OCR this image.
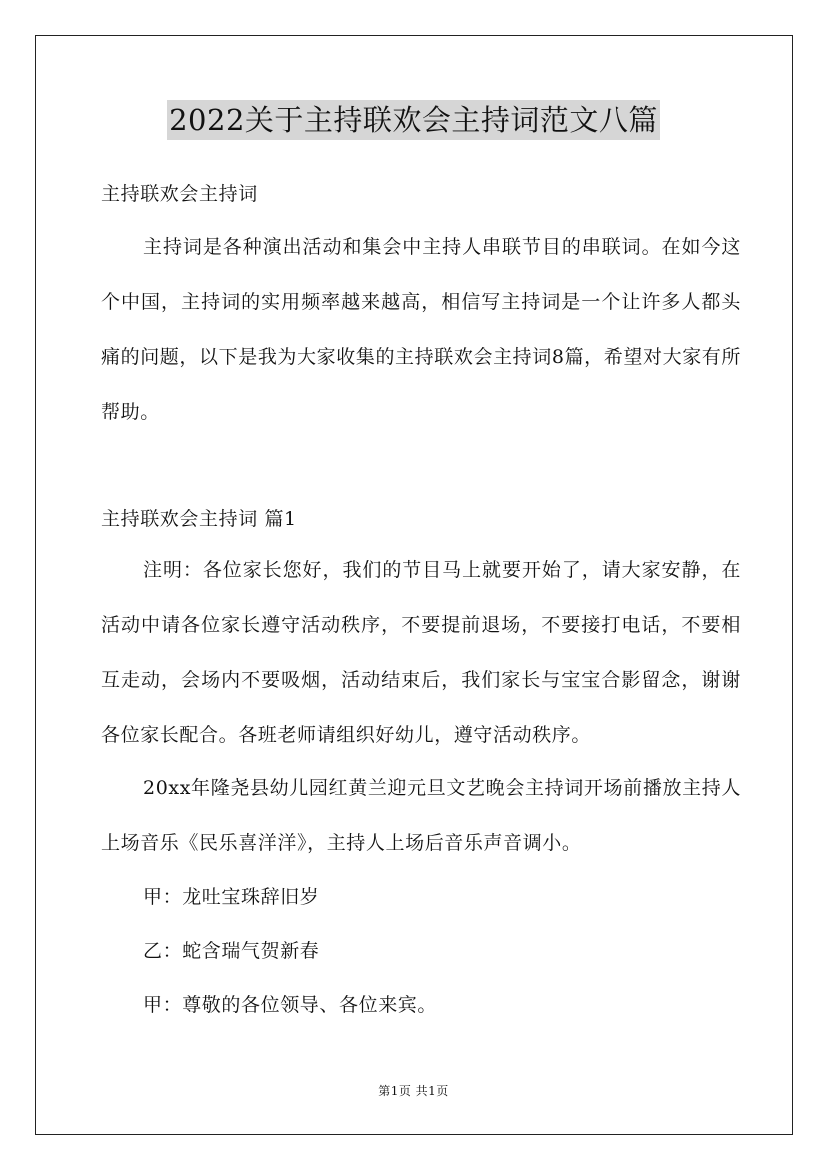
2022关于主持联欢会主持词范文八篇
主持联欢会主持词
主持词是各种演出活动和集会中主持人串联节目的串联词。在如今这个中国，主持词的实用频率越来越高，相信写主持词是一个让许多人都头痛的问题，以下是我为大家收集的主持联欢会主持词8篇，希望对大家有所帮助。
主持联欢会主持词 篇1
注明：各位家长您好，我们的节目马上就要开始了，请大家安静，在活动中请各位家长遵守活动秩序，不要提前退场，不要接打电话，不要相互走动，会场内不要吸烟，活动结束后，我们家长与宝宝合影留念，谢谢各位家长配合。各班老师请组织好幼儿，遵守活动秩序。
20xx年隆尧县幼儿园红黄兰迎元旦文艺晚会主持词开场前播放主持人上场音乐《民乐喜洋洋》，主持人上场后音乐声音调小。
甲：龙吐宝珠辞旧岁
乙：蛇含瑞气贺新春
甲：尊敬的各位领导、各位来宾。
第1页 共1页
